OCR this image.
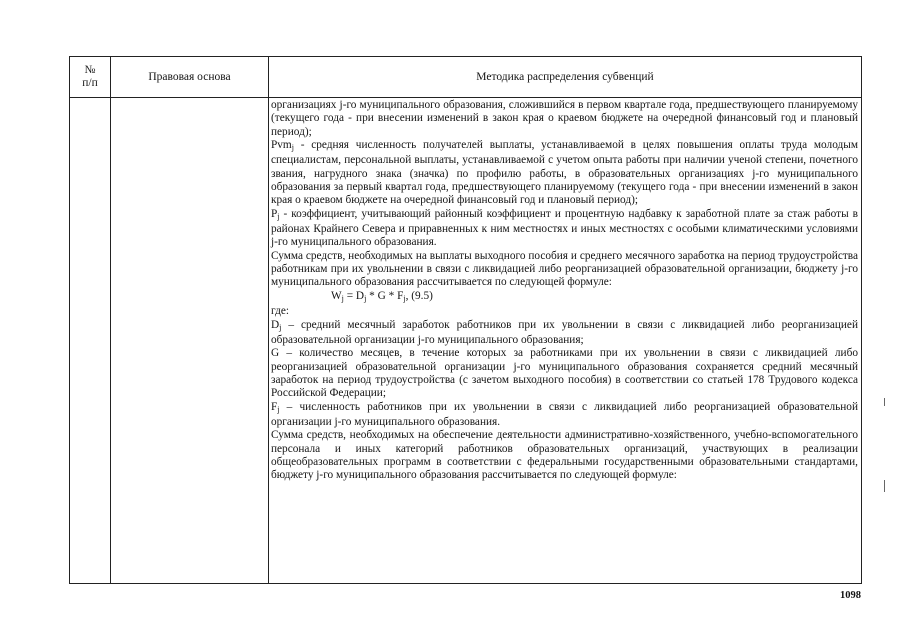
№
п/п
Правовая основа	Методика распределения субвенций

организациях j-го муниципального образования, сложившийся в первом квартале года, предшествующего планируемому (текущего года - при внесении изменений в закон края о краевом бюджете на очередной финансовый год и плановый период);

Pvm$_j$ - средняя численность получателей выплаты, устанавливаемой в целях повышения оплаты труда молодым специалистам, персональной выплаты, устанавливаемой с учетом опыта работы при наличии ученой степени, почетного звания, нагрудного знака (значка) по профилю работы, в образовательных организациях j-го муниципального образования за первый квартал года, предшествующего планируемому (текущего года - при внесении изменений в закон края о краевом бюджете на очередной финансовый год и плановый период);

$P_j$ - коэффициент, учитывающий районный коэффициент и процентную надбавку к заработной плате за стаж работы в районах Крайнего Севера и приравненных к ним местностях и иных местностях с особыми климатическими условиями j-го муниципального образования.

Сумма средств, необходимых на выплаты выходного пособия и среднего месячного заработка на период трудоустройства работникам при их увольнении в связи с ликвидацией либо реорганизацией образовательной организации, бюджету j-го муниципального образования рассчитывается по следующей формуле:

$W_j = D_j * G * F_j$, (9.5)

где:

$D_j$ – средний месячный заработок работников при их увольнении в связи с ликвидацией либо реорганизацией образовательной организации j-го муниципального образования;

G – количество месяцев, в течение которых за работниками при их увольнении в связи с ликвидацией либо реорганизацией образовательной организации j-го муниципального образования сохраняется средний месячный заработок на период трудоустройства (с зачетом выходного пособия) в соответствии со статьей 178 Трудового кодекса Российской Федерации;

$F_j$ – численность работников при их увольнении в связи с ликвидацией либо реорганизацией образовательной организации j-го муниципального образования.

Сумма средств, необходимых на обеспечение деятельности административно-хозяйственного, учебно-вспомогательного персонала и иных категорий работников образовательных организаций, участвующих в реализации общеобразовательных программ в соответствии с федеральными государственными образовательными стандартами, бюджету j-го муниципального образования рассчитывается по следующей формуле:

1098
